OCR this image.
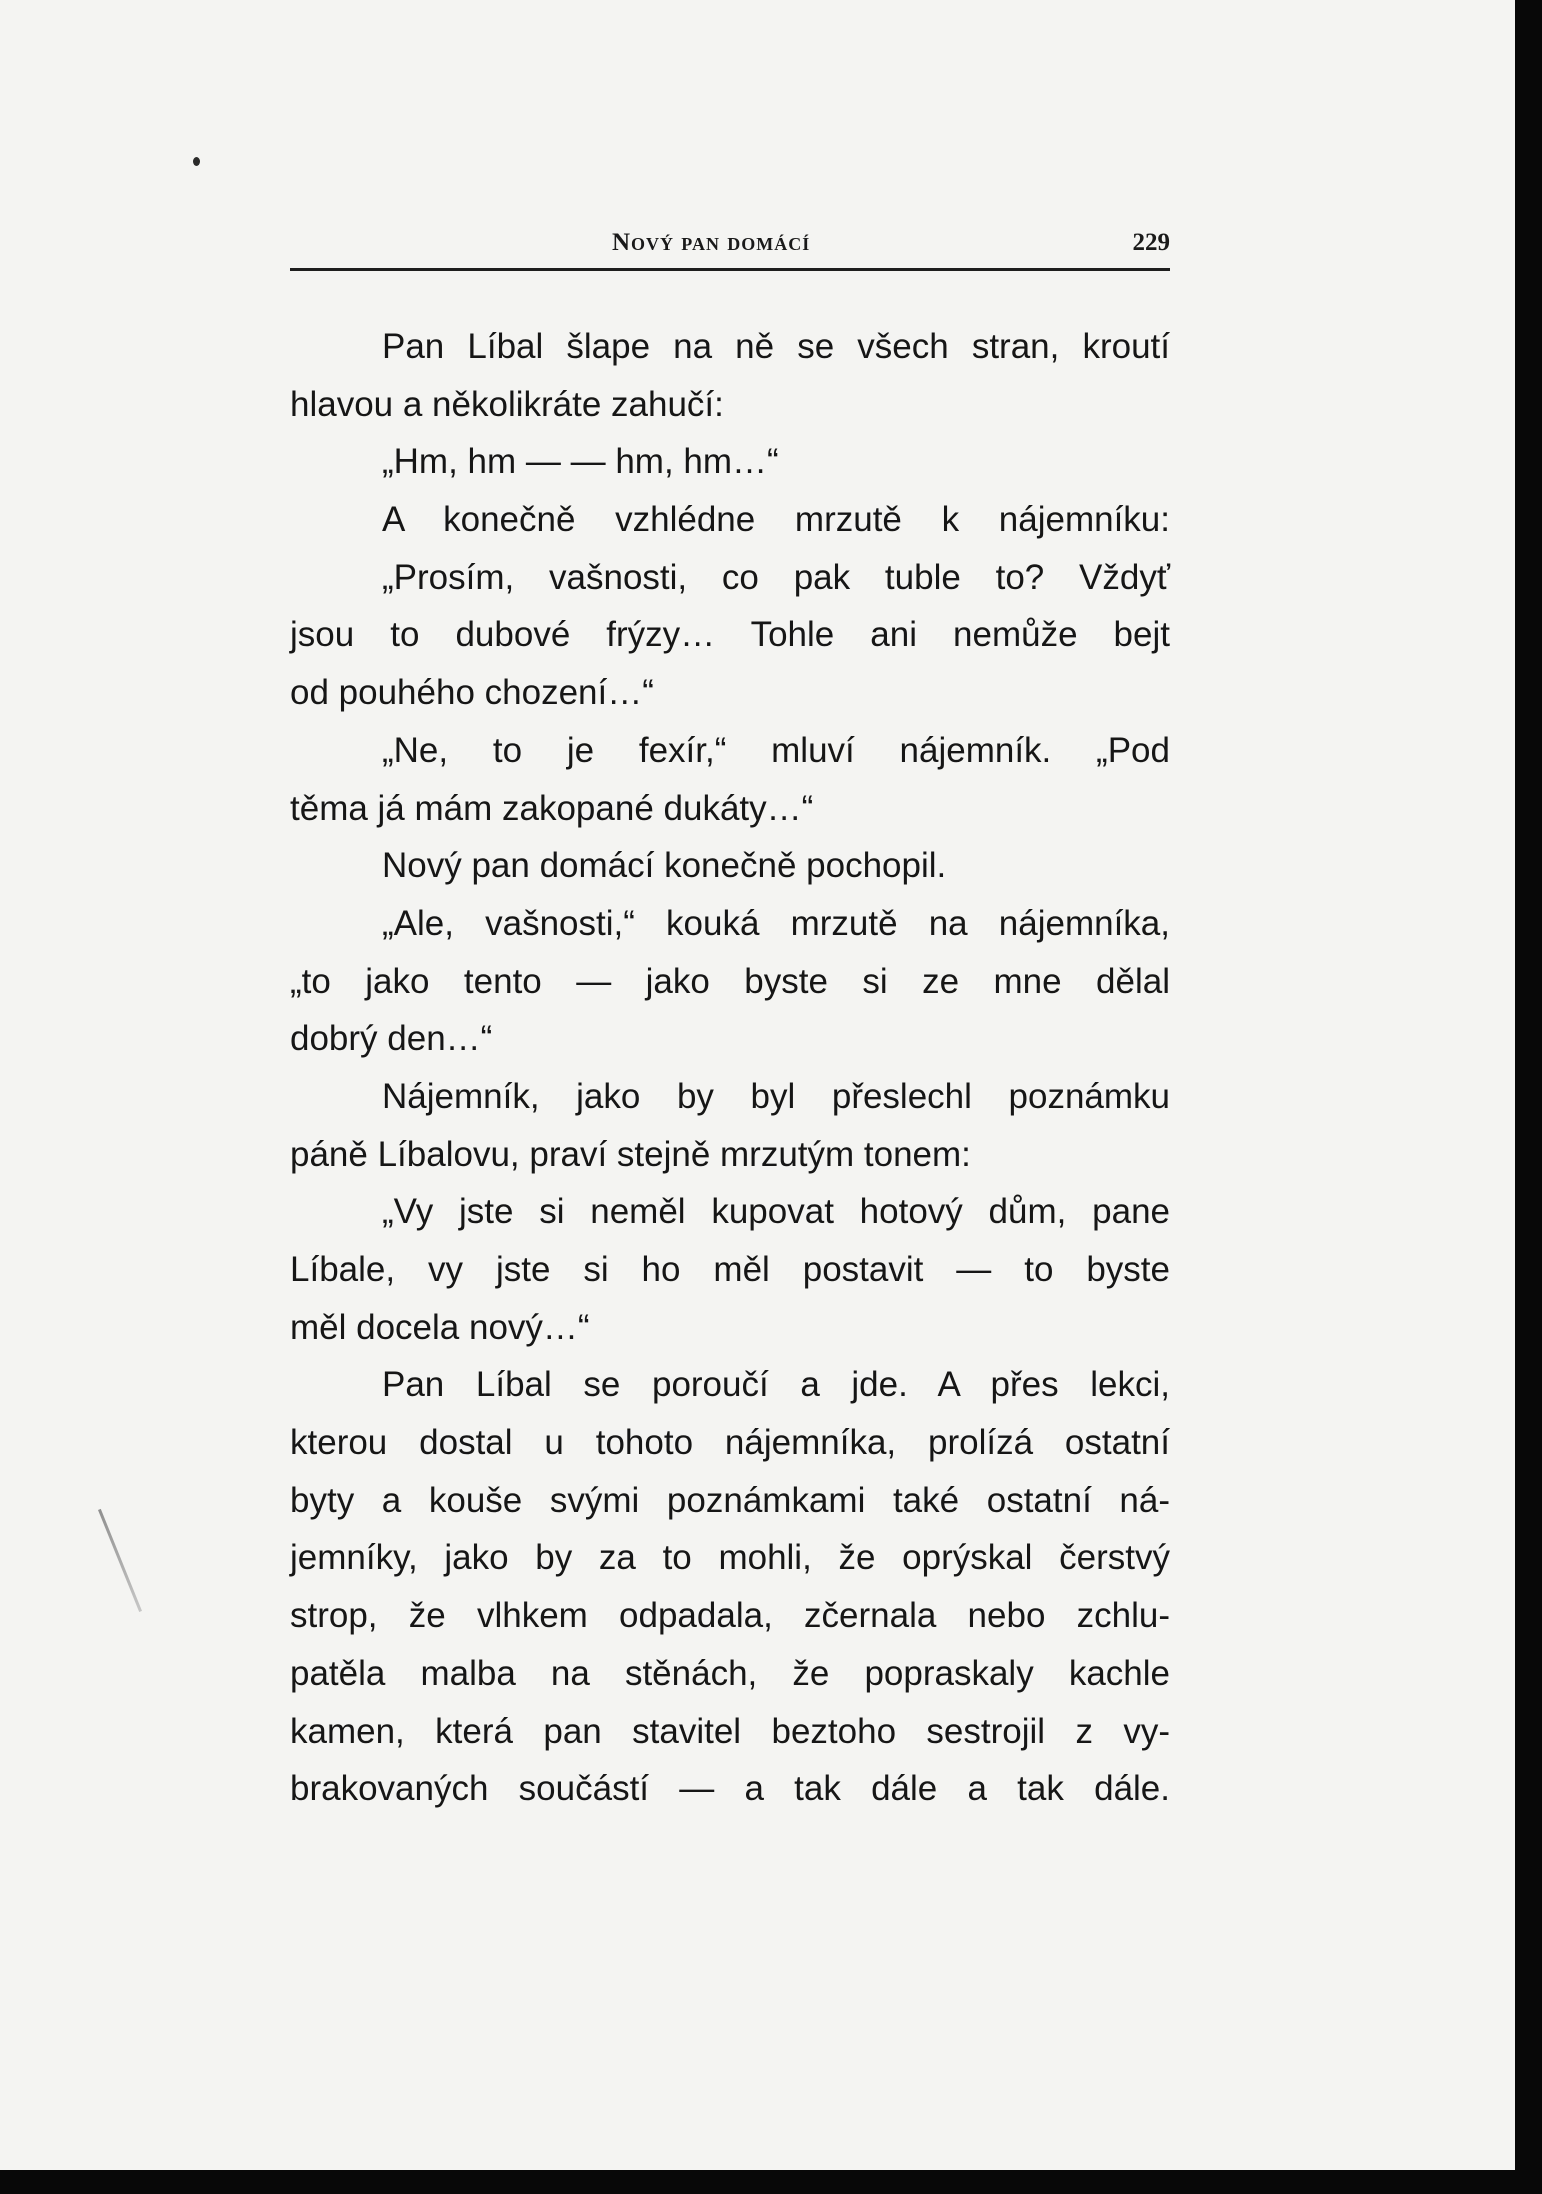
Nový pan domácí	229
Pan Líbal šlape na ně se všech stran, kroutí
hlavou a několikráte zahučí:
„Hm, hm — — hm, hm…“
A konečně vzhlédne mrzutě k nájemníku:
„Prosím, vašnosti, co pak tuble to? Vždyť
jsou to dubové frýzy… Tohle ani nemůže bejt
od pouhého chození…“
„Ne, to je fexír,“ mluví nájemník. „Pod
těma já mám zakopané dukáty…“
Nový pan domácí konečně pochopil.
„Ale, vašnosti,“ kouká mrzutě na nájemníka,
„to jako tento — jako byste si ze mne dělal
dobrý den…“
Nájemník, jako by byl přeslechl poznámku
páně Líbalovu, praví stejně mrzutým tonem:
„Vy jste si neměl kupovat hotový dům, pane
Líbale, vy jste si ho měl postavit — to byste
měl docela nový…“
Pan Líbal se poroučí a jde. A přes lekci,
kterou dostal u tohoto nájemníka, prolízá ostatní
byty a kouše svými poznámkami také ostatní ná-
jemníky, jako by za to mohli, že oprýskal čerstvý
strop, že vlhkem odpadala, zčernala nebo zchlu-
patěla malba na stěnách, že popraskaly kachle
kamen, která pan stavitel beztoho sestrojil z vy-
brakovaných součástí — a tak dále a tak dále.
